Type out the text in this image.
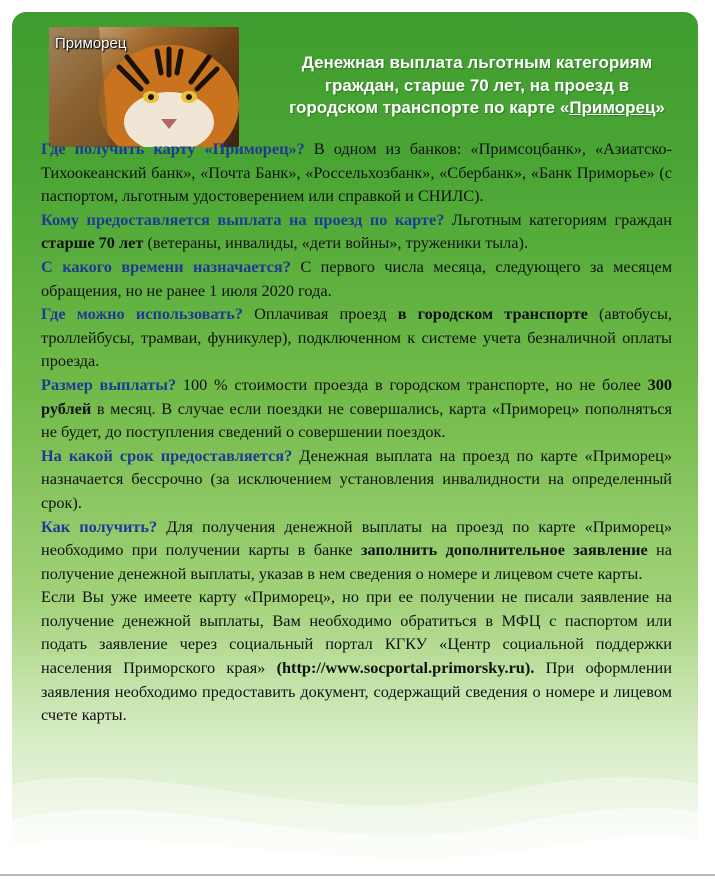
Приморец
Денежная выплата льготным категориям
граждан, старше 70 лет, на проезд в
городском транспорте по карте «Приморец»

Где получить карту «Приморец»? В одном из банков: «Примсоцбанк», «Азиатско-Тихоокеанский банк», «Почта Банк», «Россельхозбанк», «Сбербанк», «Банк Приморье» (с паспортом, льготным удостоверением или справкой и СНИЛС).

Кому предоставляется выплата на проезд по карте? Льготным категориям граждан старше 70 лет (ветераны, инвалиды, «дети войны», труженики тыла).

С какого времени назначается? С первого числа месяца, следующего за месяцем обращения, но не ранее 1 июля 2020 года.

Где можно использовать? Оплачивая проезд в городском транспорте (автобусы, троллейбусы, трамваи, фуникулер), подключенном к системе учета безналичной оплаты проезда.

Размер выплаты? 100 % стоимости проезда в городском транспорте, но не более 300 рублей в месяц. В случае если поездки не совершались, карта «Приморец» пополняться не будет, до поступления сведений о совершении поездок.

На какой срок предоставляется? Денежная выплата на проезд по карте «Приморец» назначается бессрочно (за исключением установления инвалидности на определенный срок).

Как получить? Для получения денежной выплаты на проезд по карте «Приморец» необходимо при получении карты в банке заполнить дополнительное заявление на получение денежной выплаты, указав в нем сведения о номере и лицевом счете карты.

Если Вы уже имеете карту «Приморец», но при ее получении не писали заявление на получение денежной выплаты, Вам необходимо обратиться в МФЦ с паспортом или подать заявление через социальный портал КГКУ «Центр социальной поддержки населения Приморского края» (http://www.socportal.primorsky.ru). При оформлении заявления необходимо предоставить документ, содержащий сведения о номере и лицевом счете карты.
